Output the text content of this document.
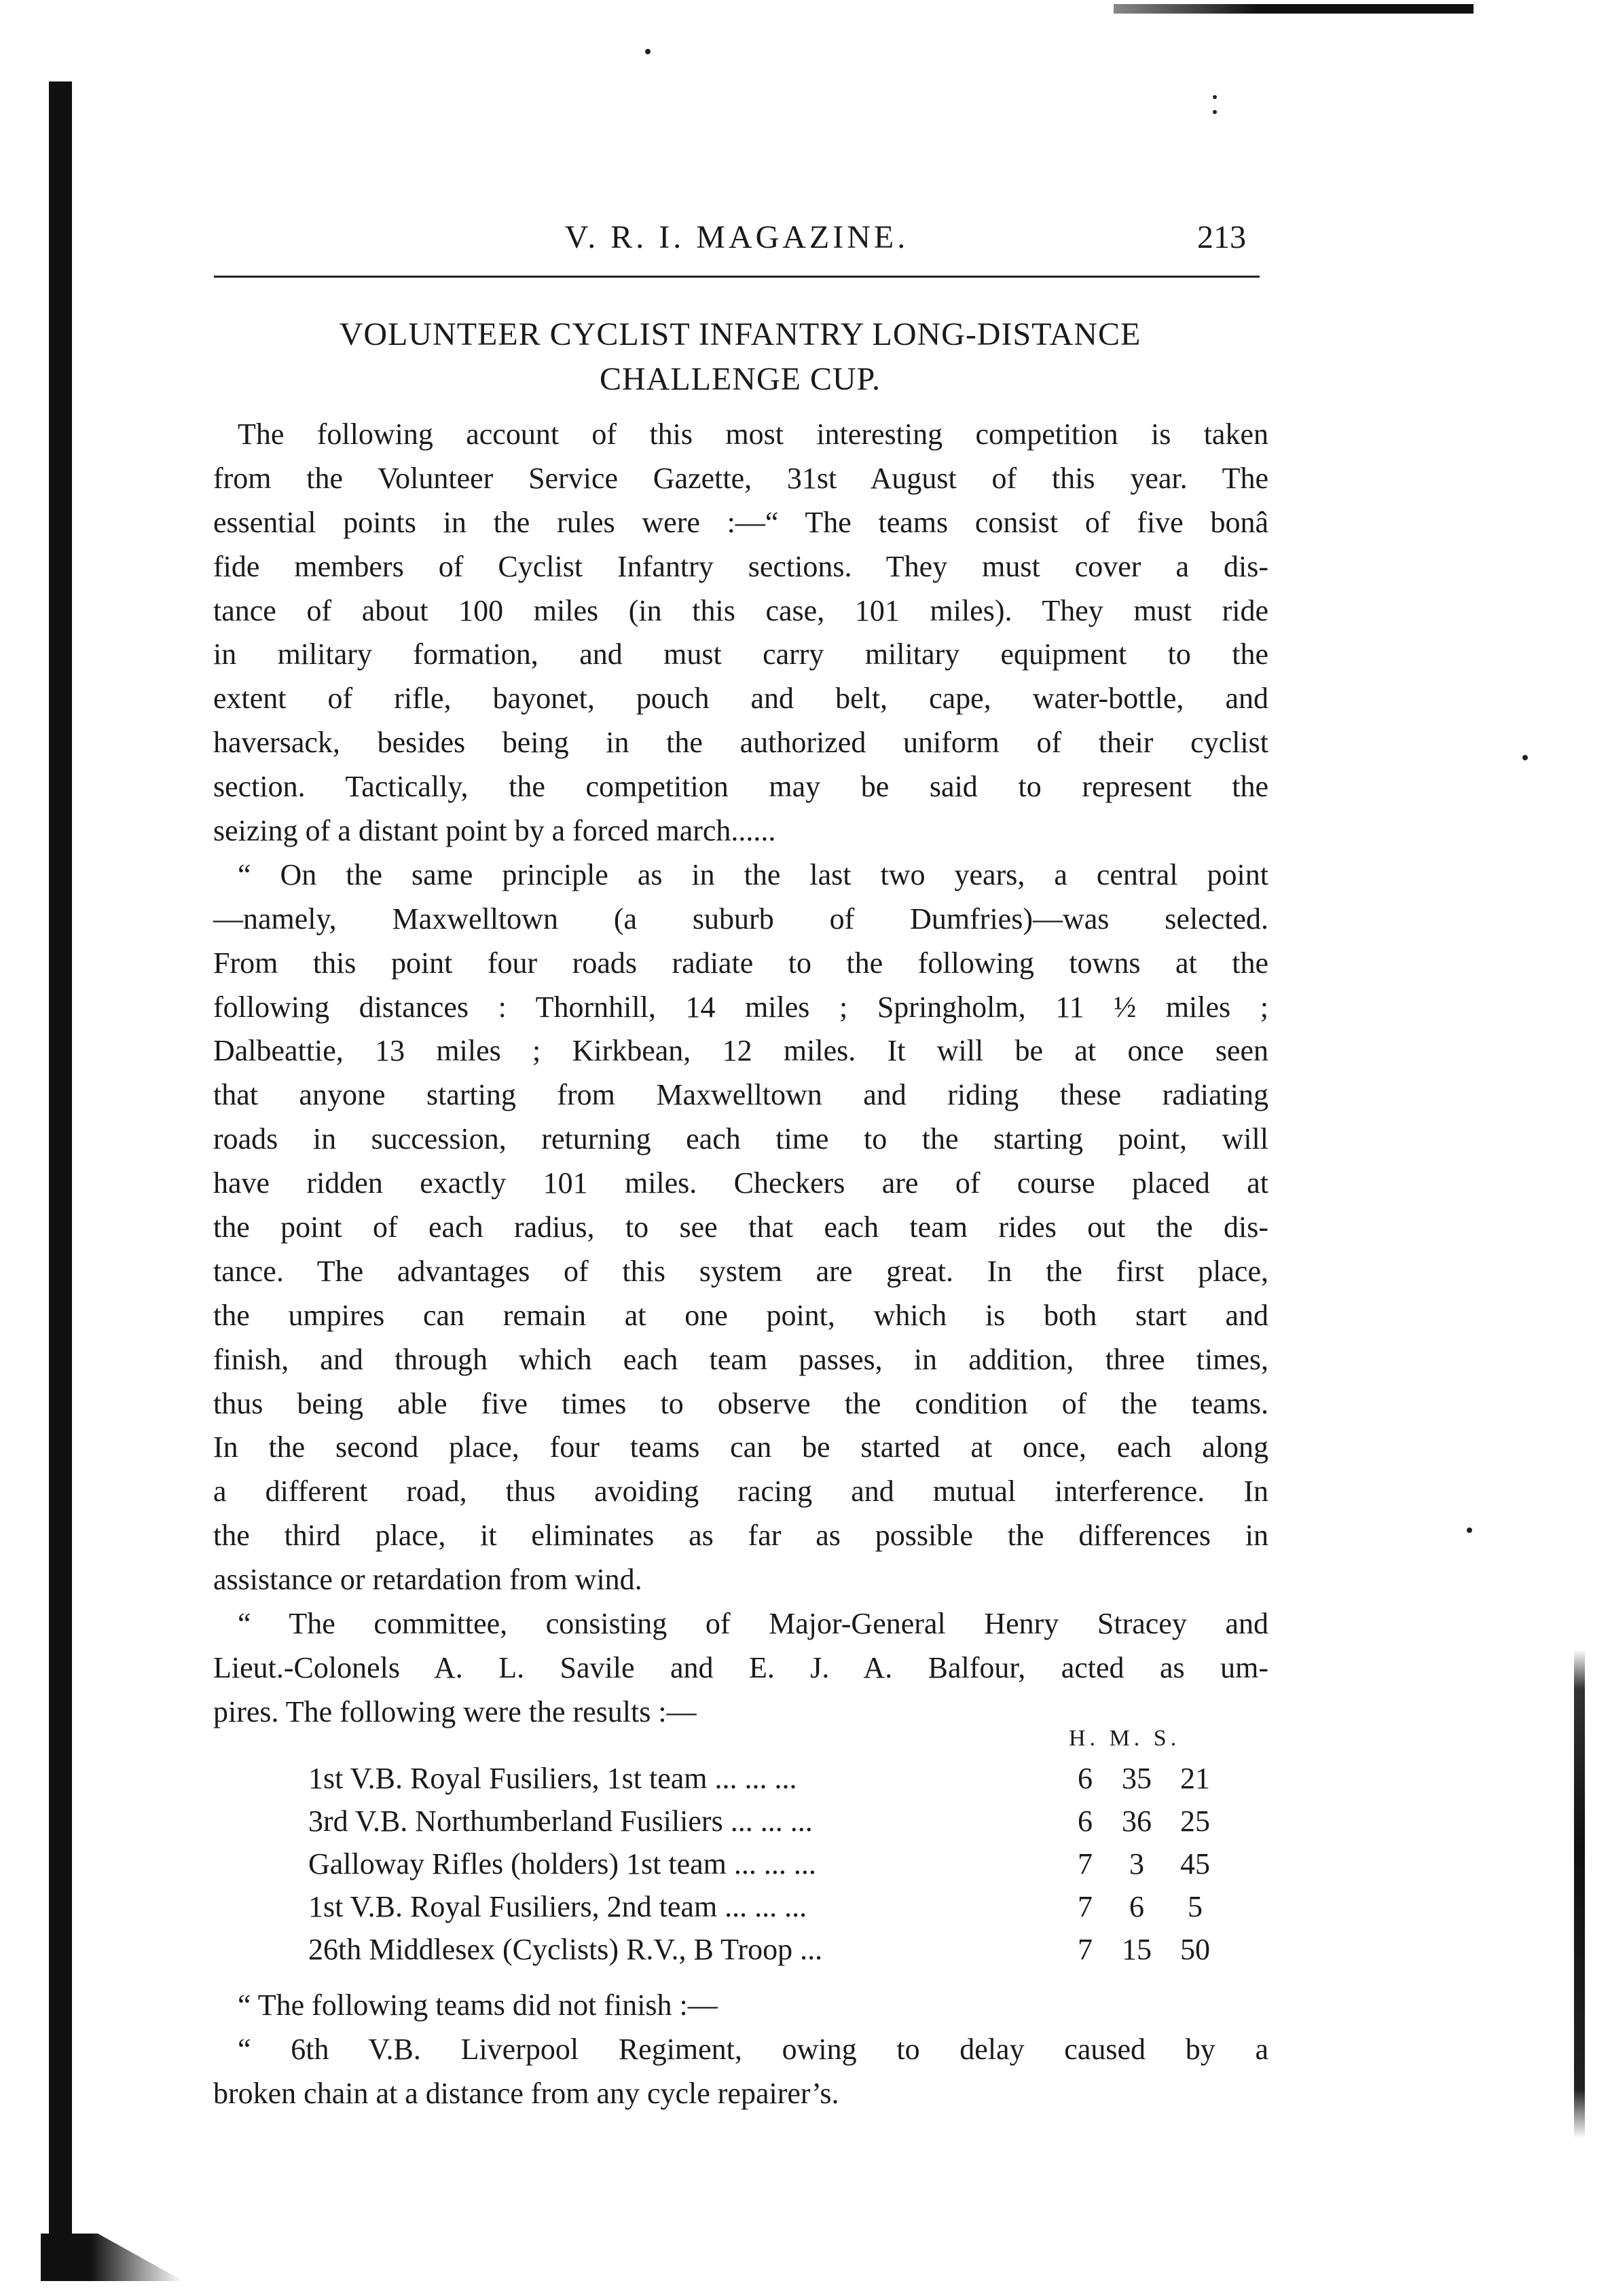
V. R. I. MAGAZINE.	213
VOLUNTEER CYCLIST INFANTRY LONG-DISTANCE
CHALLENGE CUP.
The following account of this most interesting competition is taken
from the Volunteer Service Gazette, 31st August of this year. The
essential points in the rules were :—“ The teams consist of five bonâ
fide members of Cyclist Infantry sections. They must cover a dis-
tance of about 100 miles (in this case, 101 miles). They must ride
in military formation, and must carry military equipment to the
extent of rifle, bayonet, pouch and belt, cape, water-bottle, and
haversack, besides being in the authorized uniform of their cyclist
section. Tactically, the competition may be said to represent the
seizing of a distant point by a forced march......
“ On the same principle as in the last two years, a central point
—namely, Maxwelltown (a suburb of Dumfries)—was selected.
From this point four roads radiate to the following towns at the
following distances : Thornhill, 14 miles ; Springholm, 11 ½ miles ;
Dalbeattie, 13 miles ; Kirkbean, 12 miles. It will be at once seen
that anyone starting from Maxwelltown and riding these radiating
roads in succession, returning each time to the starting point, will
have ridden exactly 101 miles. Checkers are of course placed at
the point of each radius, to see that each team rides out the dis-
tance. The advantages of this system are great. In the first place,
the umpires can remain at one point, which is both start and
finish, and through which each team passes, in addition, three times,
thus being able five times to observe the condition of the teams.
In the second place, four teams can be started at once, each along
a different road, thus avoiding racing and mutual interference. In
the third place, it eliminates as far as possible the differences in
assistance or retardation from wind.
“ The committee, consisting of Major-General Henry Stracey and
Lieut.-Colonels A. L. Savile and E. J. A. Balfour, acted as um-
pires. The following were the results :—
H. M. S.
1st V.B. Royal Fusiliers, 1st team ... ... ...	6 35 21
3rd V.B. Northumberland Fusiliers ... ... ...	6 36 25
Galloway Rifles (holders) 1st team ... ... ...	7	3	45
1st V.B. Royal Fusiliers, 2nd team ... ... ...	7	6	5
26th Middlesex (Cyclists) R.V., B Troop ...	7 15 50
“ The following teams did not finish :—
“ 6th V.B. Liverpool Regiment, owing to delay caused by a
broken chain at a distance from any cycle repairer’s.
